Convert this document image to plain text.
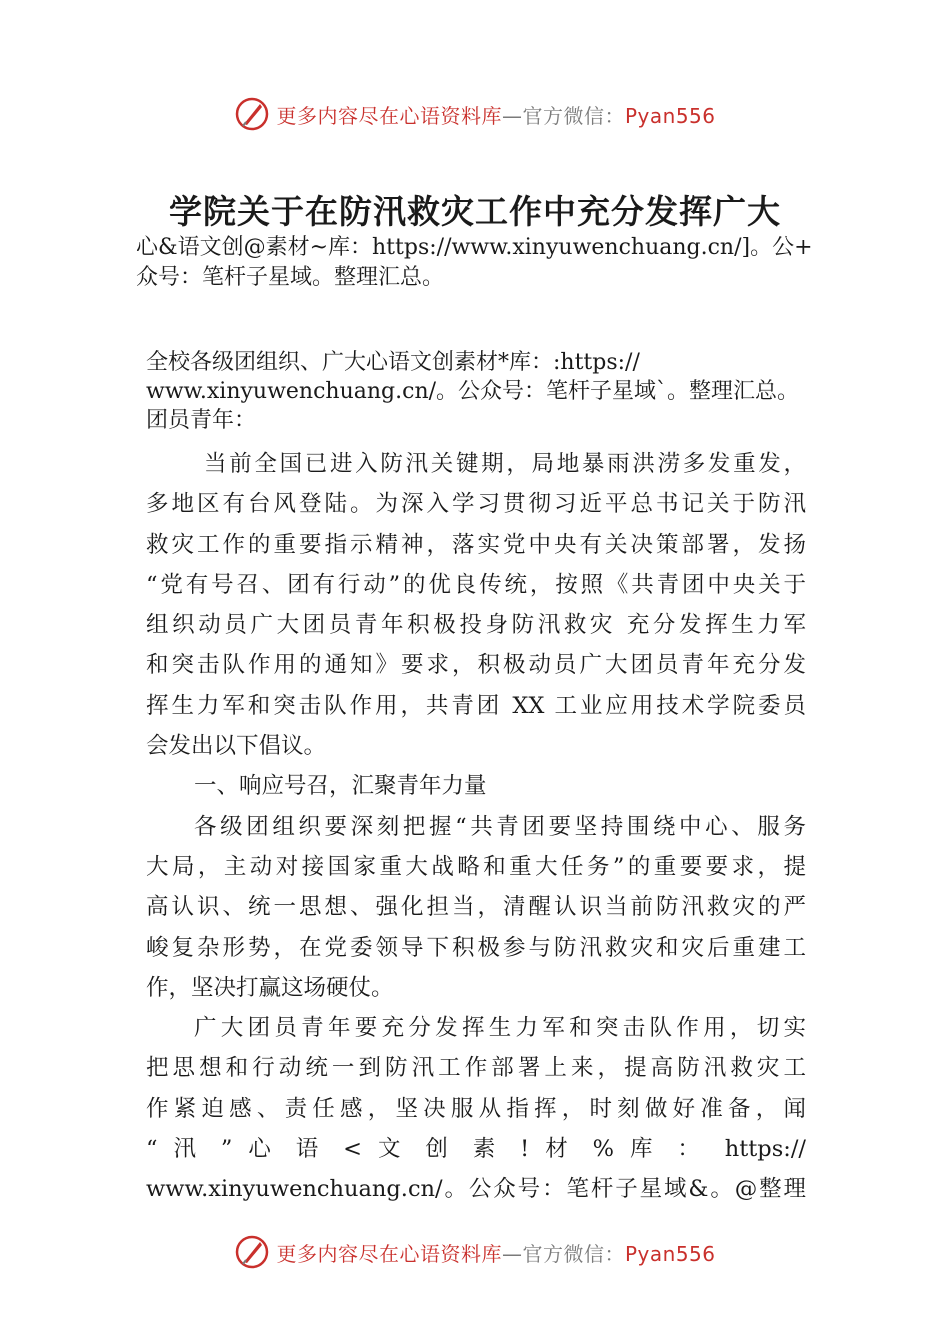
更多内容尽在心语资料库—官方微信：Pyan556
学院关于在防汛救灾工作中充分发挥广大
心&语文创@素材~库：https://www.xinyuwenchuang.cn/]。公+
众号：笔杆子星域。整理汇总。
全校各级团组织、广大心语文创素材*库：:https://
www.xinyuwenchuang.cn/。公众号：笔杆子星域`。整理汇总。
团员青年：
当前全国已进入防汛关键期，局地暴雨洪涝多发重发，
多地区有台风登陆。为深入学习贯彻习近平总书记关于防汛
救灾工作的重要指示精神，落实党中央有关决策部署，发扬
“党有号召、团有行动”的优良传统，按照《共青团中央关于
组织动员广大团员青年积极投身防汛救灾 充分发挥生力军
和突击队作用的通知》要求，积极动员广大团员青年充分发
挥生力军和突击队作用，共青团 XX 工业应用技术学院委员
会发出以下倡议。
一、响应号召，汇聚青年力量
各级团组织要深刻把握“共青团要坚持围绕中心、服务
大局，主动对接国家重大战略和重大任务”的重要要求，提
高认识、统一思想、强化担当，清醒认识当前防汛救灾的严
峻复杂形势，在党委领导下积极参与防汛救灾和灾后重建工
作，坚决打赢这场硬仗。
广大团员青年要充分发挥生力军和突击队作用，切实
把思想和行动统一到防汛工作部署上来，提高防汛救灾工
作紧迫感、责任感，坚决服从指挥，时刻做好准备，闻
“ 汛 ” 心 语 < 文 创 素 ! 材 % 库 ： https://
www.xinyuwenchuang.cn/。公众号：笔杆子星域&。@整理
更多内容尽在心语资料库—官方微信：Pyan556
